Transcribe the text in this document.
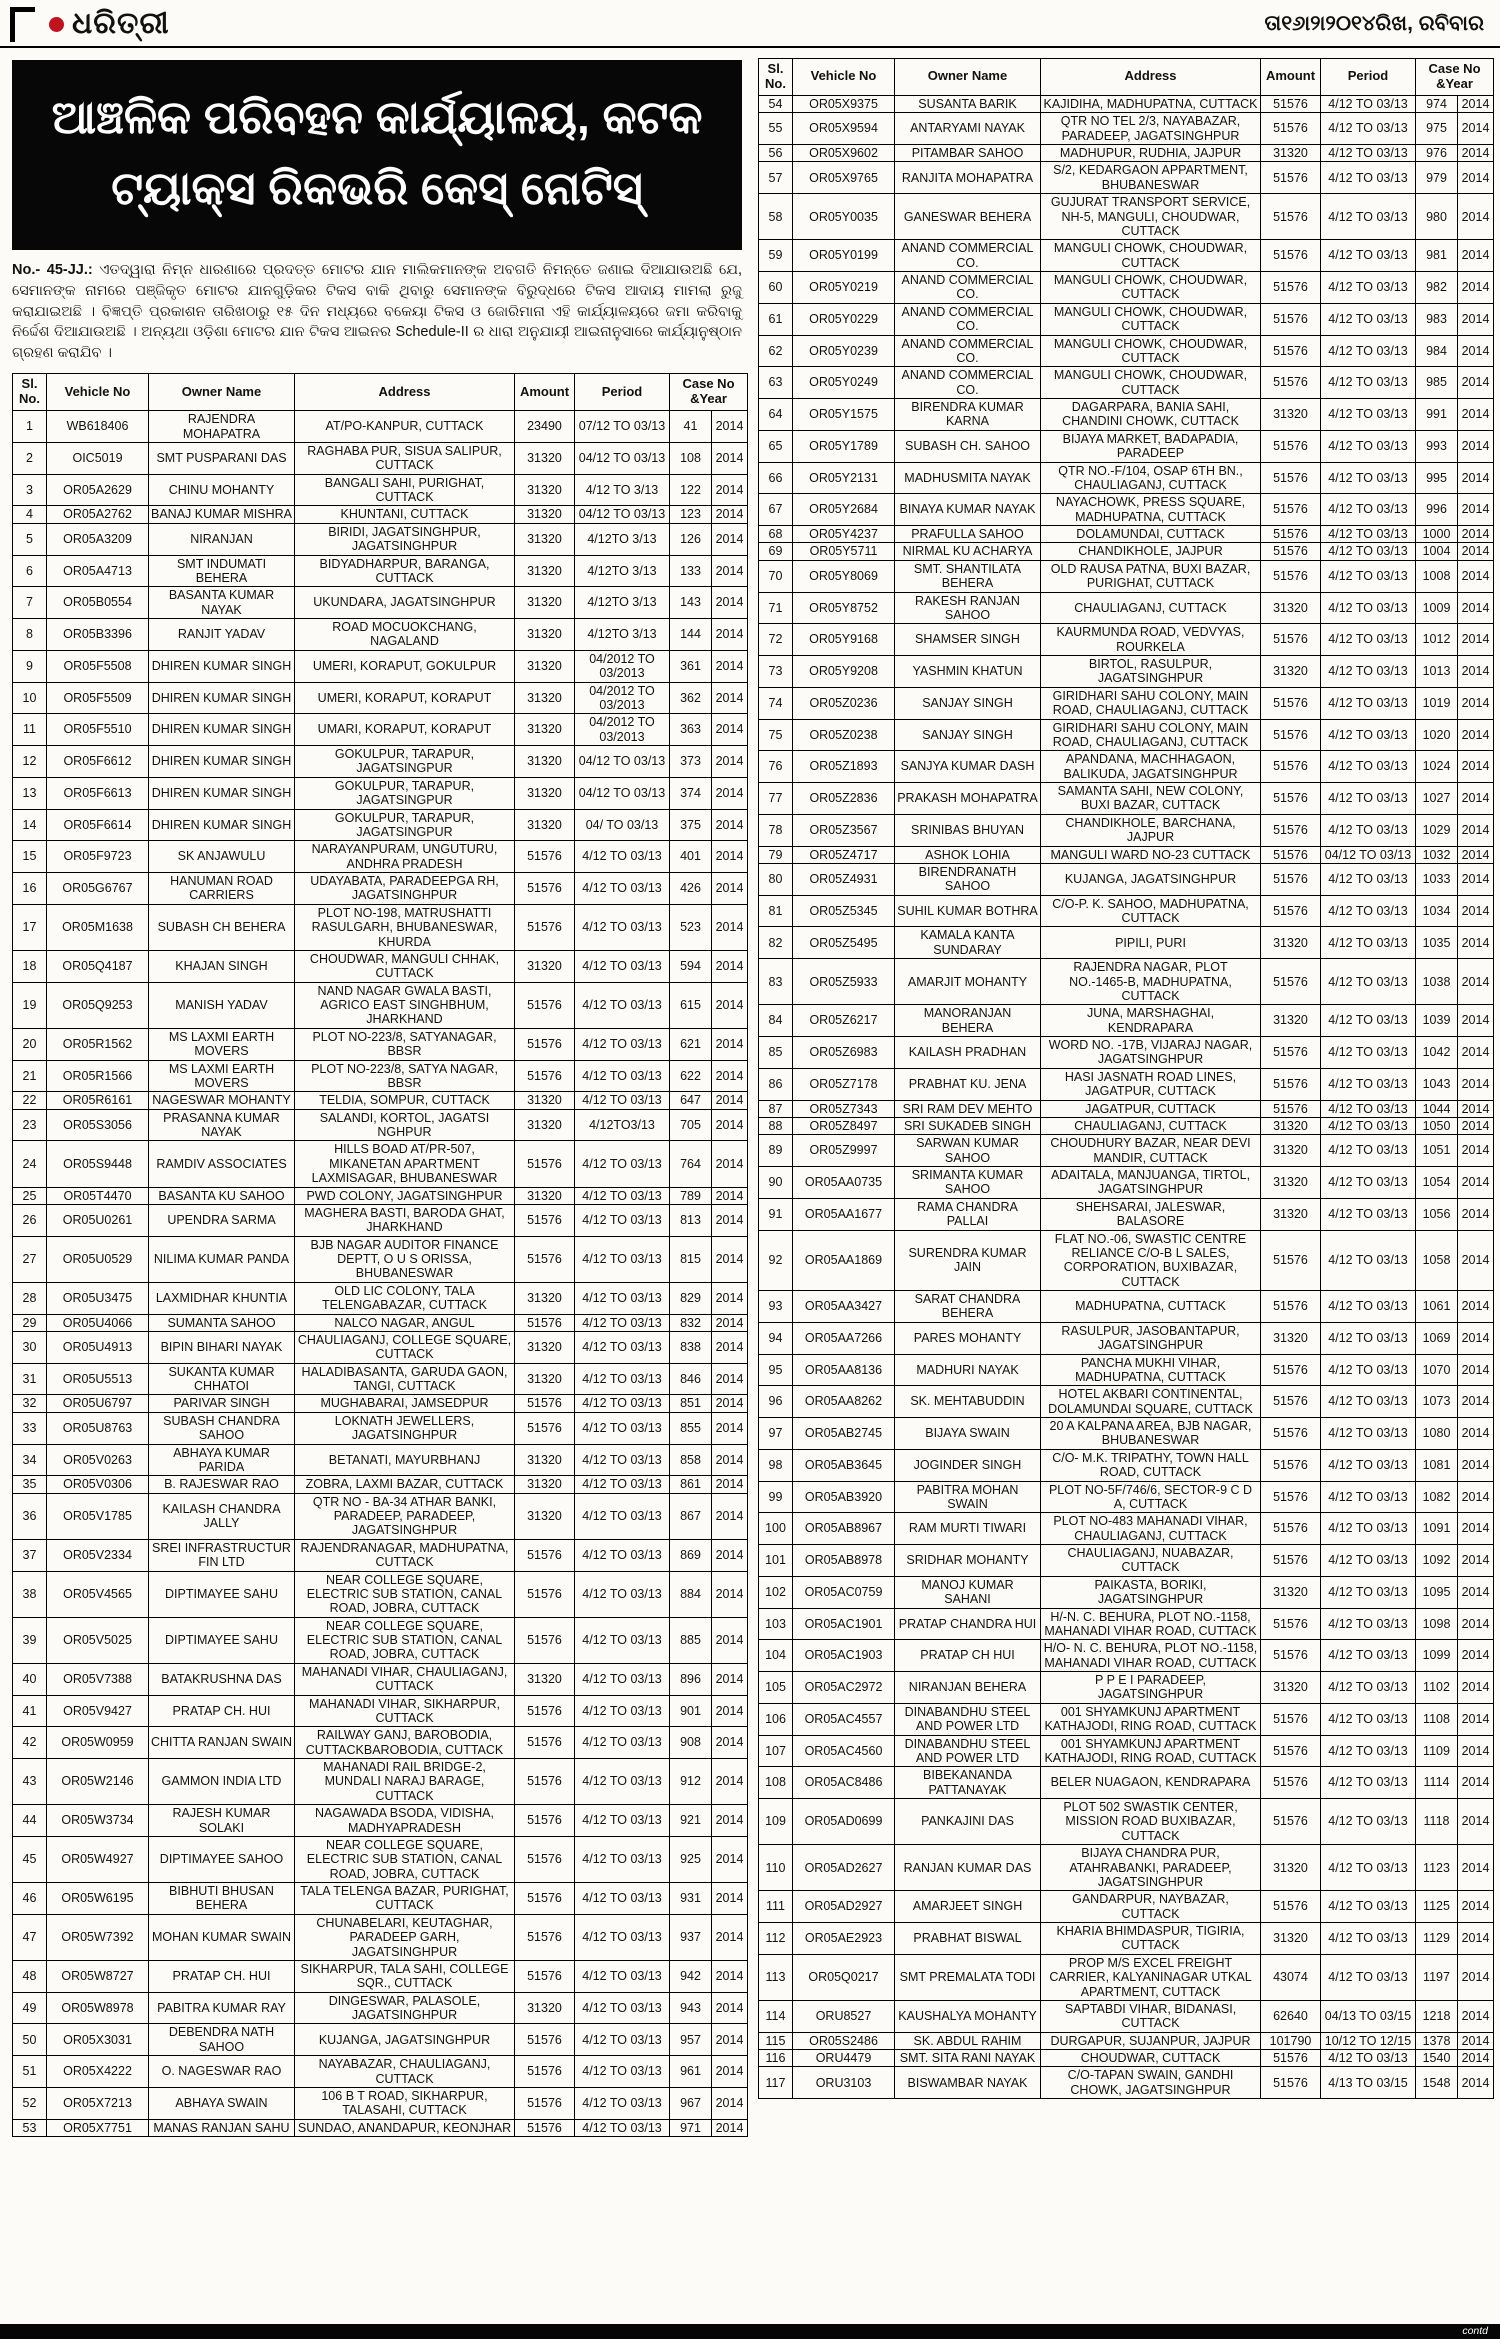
ଧରିତ୍ରୀ	ତା୧୬ା୨ା୨୦୧୪ରିଖ, ରବିବାର
ଆଞ୍ଚଳିକ ପରିବହନ କାର୍ଯ୍ୟାଳୟ, କଟକ
ଟ୍ୟାକ୍ସ ରିକଭରି କେସ୍ ନୋଟିସ୍

No.- 45-JJ.: ଏତଦ୍ୱାରା ନିମ୍ନ ଧାରଣାରେ ପ୍ରଦତ୍ତ ମୋଟର ଯାନ ମାଲିକମାନଙ୍କ ଅବଗତି ନିମନ୍ତେ ଜଣାଇ ଦିଆଯାଉଅଛି ଯେ, ସେମାନଙ୍କ ନାମରେ ପଞ୍ଜିକୃତ ମୋଟର ଯାନଗୁଡ଼ିକର ଟିକସ ବାକି ଥିବାରୁ ସେମାନଙ୍କ ବିରୁଦ୍ଧରେ ଟିକସ ଆଦାୟ ମାମଲା ରୁଜୁ କରାଯାଇଅଛି । ବିଜ୍ଞପ୍ତି ପ୍ରକାଶନ ତାରିଖଠାରୁ ୧୫ ଦିନ ମଧ୍ୟରେ ବକେୟା ଟିକସ ଓ ଜୋରିମାନା ଏହି କାର୍ଯ୍ୟାଳୟରେ ଜମା କରିବାକୁ ନିର୍ଦ୍ଦେଶ ଦିଆଯାଉଅଛି । ଅନ୍ୟଥା ଓଡ଼ିଶା ମୋଟର ଯାନ ଟିକସ ଆଇନର Schedule-II ର ଧାରା ଅନୁଯାୟୀ ଆଇନାନୁସାରେ କାର୍ଯ୍ୟାନୁଷ୍ଠାନ ଗ୍ରହଣ କରାଯିବ ।

Sl. No.	Vehicle No	Owner Name	Address	Amount	Period	Case No &Year	
1	WB618406	RAJENDRA MOHAPATRA	AT/PO-KANPUR, CUTTACK	23490	07/12 TO 03/13	41	2014
2	OIC5019	SMT PUSPARANI DAS	RAGHABA PUR, SISUA SALIPUR, CUTTACK	31320	04/12 TO 03/13	108	2014
3	OR05A2629	CHINU MOHANTY	BANGALI SAHI, PURIGHAT, CUTTACK	31320	4/12 TO 3/13	122	2014
4	OR05A2762	BANAJ KUMAR MISHRA	KHUNTANI, CUTTACK	31320	04/12 TO 03/13	123	2014
5	OR05A3209	NIRANJAN	BIRIDI, JAGATSINGHPUR, JAGATSINGHPUR	31320	4/12TO 3/13	126	2014
6	OR05A4713	SMT INDUMATI BEHERA	BIDYADHARPUR, BARANGA, CUTTACK	31320	4/12TO 3/13	133	2014
7	OR05B0554	BASANTA KUMAR NAYAK	UKUNDARA, JAGATSINGHPUR	31320	4/12TO 3/13	143	2014
8	OR05B3396	RANJIT YADAV	ROAD MOCUOKCHANG, NAGALAND	31320	4/12TO 3/13	144	2014
9	OR05F5508	DHIREN KUMAR SINGH	UMERI, KORAPUT, GOKULPUR	31320	04/2012 TO 03/2013	361	2014
10	OR05F5509	DHIREN KUMAR SINGH	UMERI, KORAPUT, KORAPUT	31320	04/2012 TO 03/2013	362	2014
11	OR05F5510	DHIREN KUMAR SINGH	UMARI, KORAPUT, KORAPUT	31320	04/2012 TO 03/2013	363	2014
12	OR05F6612	DHIREN KUMAR SINGH	GOKULPUR, TARAPUR, JAGATSINGPUR	31320	04/12 TO 03/13	373	2014
13	OR05F6613	DHIREN KUMAR SINGH	GOKULPUR, TARAPUR, JAGATSINGPUR	31320	04/12 TO 03/13	374	2014
14	OR05F6614	DHIREN KUMAR SINGH	GOKULPUR, TARAPUR, JAGATSINGPUR	31320	04/ TO 03/13	375	2014
15	OR05F9723	SK ANJAWULU	NARAYANPURAM, UNGUTURU, ANDHRA PRADESH	51576	4/12 TO 03/13	401	2014
16	OR05G6767	HANUMAN ROAD CARRIERS	UDAYABATA, PARADEEPGA RH, JAGATSINGHPUR	51576	4/12 TO 03/13	426	2014
17	OR05M1638	SUBASH CH BEHERA	PLOT NO-198, MATRUSHATTI RASULGARH, BHUBANESWAR, KHURDA	51576	4/12 TO 03/13	523	2014
18	OR05Q4187	KHAJAN SINGH	CHOUDWAR, MANGULI CHHAK, CUTTACK	31320	4/12 TO 03/13	594	2014
19	OR05Q9253	MANISH YADAV	NAND NAGAR GWALA BASTI, AGRICO EAST SINGHBHUM, JHARKHAND	51576	4/12 TO 03/13	615	2014
20	OR05R1562	MS LAXMI EARTH MOVERS	PLOT NO-223/8, SATYANAGAR, BBSR	51576	4/12 TO 03/13	621	2014
21	OR05R1566	MS LAXMI EARTH MOVERS	PLOT NO-223/8, SATYA NAGAR, BBSR	51576	4/12 TO 03/13	622	2014
22	OR05R6161	NAGESWAR MOHANTY	TELDIA, SOMPUR, CUTTACK	31320	4/12 TO 03/13	647	2014
23	OR05S3056	PRASANNA KUMAR NAYAK	SALANDI, KORTOL, JAGATSI NGHPUR	31320	4/12TO3/13	705	2014
24	OR05S9448	RAMDIV ASSOCIATES	HILLS BOAD AT/PR-507, MIKANETAN APARTMENT LAXMISAGAR, BHUBANESWAR	51576	4/12 TO 03/13	764	2014
25	OR05T4470	BASANTA KU SAHOO	PWD COLONY, JAGATSINGHPUR	31320	4/12 TO 03/13	789	2014
26	OR05U0261	UPENDRA SARMA	MAGHERA BASTI, BARODA GHAT, JHARKHAND	51576	4/12 TO 03/13	813	2014
27	OR05U0529	NILIMA KUMAR PANDA	BJB NAGAR AUDITOR FINANCE DEPTT, O U S ORISSA, BHUBANESWAR	51576	4/12 TO 03/13	815	2014
28	OR05U3475	LAXMIDHAR KHUNTIA	OLD LIC COLONY, TALA TELENGABAZAR, CUTTACK	31320	4/12 TO 03/13	829	2014
29	OR05U4066	SUMANTA SAHOO	NALCO NAGAR, ANGUL	51576	4/12 TO 03/13	832	2014
30	OR05U4913	BIPIN BIHARI NAYAK	CHAULIAGANJ, COLLEGE SQUARE, CUTTACK	31320	4/12 TO 03/13	838	2014
31	OR05U5513	SUKANTA KUMAR CHHATOI	HALADIBASANTA, GARUDA GAON, TANGI, CUTTACK	31320	4/12 TO 03/13	846	2014
32	OR05U6797	PARIVAR SINGH	MUGHABARAI, JAMSEDPUR	51576	4/12 TO 03/13	851	2014
33	OR05U8763	SUBASH CHANDRA SAHOO	LOKNATH JEWELLERS, JAGATSINGHPUR	51576	4/12 TO 03/13	855	2014
34	OR05V0263	ABHAYA KUMAR PARIDA	BETANATI, MAYURBHANJ	31320	4/12 TO 03/13	858	2014
35	OR05V0306	B. RAJESWAR RAO	ZOBRA, LAXMI BAZAR, CUTTACK	31320	4/12 TO 03/13	861	2014
36	OR05V1785	KAILASH CHANDRA JALLY	QTR NO - BA-34 ATHAR BANKI, PARADEEP, PARADEEP, JAGATSINGHPUR	31320	4/12 TO 03/13	867	2014
37	OR05V2334	SREI INFRASTRUCTUR FIN LTD	RAJENDRANAGAR, MADHUPATNA, CUTTACK	51576	4/12 TO 03/13	869	2014
38	OR05V4565	DIPTIMAYEE SAHU	NEAR COLLEGE SQUARE, ELECTRIC SUB STATION, CANAL ROAD, JOBRA, CUTTACK	51576	4/12 TO 03/13	884	2014
39	OR05V5025	DIPTIMAYEE SAHU	NEAR COLLEGE SQUARE, ELECTRIC SUB STATION, CANAL ROAD, JOBRA, CUTTACK	51576	4/12 TO 03/13	885	2014
40	OR05V7388	BATAKRUSHNA DAS	MAHANADI VIHAR, CHAULIAGANJ, CUTTACK	31320	4/12 TO 03/13	896	2014
41	OR05V9427	PRATAP CH. HUI	MAHANADI VIHAR, SIKHARPUR, CUTTACK	51576	4/12 TO 03/13	901	2014
42	OR05W0959	CHITTA RANJAN SWAIN	RAILWAY GANJ, BAROBODIA, CUTTACKBAROBODIA, CUTTACK	51576	4/12 TO 03/13	908	2014
43	OR05W2146	GAMMON INDIA LTD	MAHANADI RAIL BRIDGE-2, MUNDALI NARAJ BARAGE, CUTTACK	51576	4/12 TO 03/13	912	2014
44	OR05W3734	RAJESH KUMAR SOLAKI	NAGAWADA BSODA, VIDISHA, MADHYAPRADESH	51576	4/12 TO 03/13	921	2014
45	OR05W4927	DIPTIMAYEE SAHOO	NEAR COLLEGE SQUARE, ELECTRIC SUB STATION, CANAL ROAD, JOBRA, CUTTACK	51576	4/12 TO 03/13	925	2014
46	OR05W6195	BIBHUTI BHUSAN BEHERA	TALA TELENGA BAZAR, PURIGHAT, CUTTACK	51576	4/12 TO 03/13	931	2014
47	OR05W7392	MOHAN KUMAR SWAIN	CHUNABELARI, KEUTAGHAR, PARADEEP GARH, JAGATSINGHPUR	51576	4/12 TO 03/13	937	2014
48	OR05W8727	PRATAP CH. HUI	SIKHARPUR, TALA SAHI, COLLEGE SQR., CUTTACK	51576	4/12 TO 03/13	942	2014
49	OR05W8978	PABITRA KUMAR RAY	DINGESWAR, PALASOLE, JAGATSINGHPUR	31320	4/12 TO 03/13	943	2014
50	OR05X3031	DEBENDRA NATH SAHOO	KUJANGA, JAGATSINGHPUR	51576	4/12 TO 03/13	957	2014
51	OR05X4222	O. NAGESWAR RAO	NAYABAZAR, CHAULIAGANJ, CUTTACK	51576	4/12 TO 03/13	961	2014
52	OR05X7213	ABHAYA SWAIN	106 B T ROAD, SIKHARPUR, TALASAHI, CUTTACK	51576	4/12 TO 03/13	967	2014
53	OR05X7751	MANAS RANJAN SAHU	SUNDAO, ANANDAPUR, KEONJHAR	51576	4/12 TO 03/13	971	2014
Sl. No.	Vehicle No	Owner Name	Address	Amount	Period	Case No &Year	
54	OR05X9375	SUSANTA BARIK	KAJIDIHA, MADHUPATNA, CUTTACK	51576	4/12 TO 03/13	974	2014
55	OR05X9594	ANTARYAMI NAYAK	QTR NO TEL 2/3, NAYABAZAR, PARADEEP, JAGATSINGHPUR	51576	4/12 TO 03/13	975	2014
56	OR05X9602	PITAMBAR SAHOO	MADHUPUR, RUDHIA, JAJPUR	31320	4/12 TO 03/13	976	2014
57	OR05X9765	RANJITA MOHAPATRA	S/2, KEDARGAON APPARTMENT, BHUBANESWAR	51576	4/12 TO 03/13	979	2014
58	OR05Y0035	GANESWAR BEHERA	GUJURAT TRANSPORT SERVICE, NH-5, MANGULI, CHOUDWAR, CUTTACK	51576	4/12 TO 03/13	980	2014
59	OR05Y0199	ANAND COMMERCIAL CO.	MANGULI CHOWK, CHOUDWAR, CUTTACK	51576	4/12 TO 03/13	981	2014
60	OR05Y0219	ANAND COMMERCIAL CO.	MANGULI CHOWK, CHOUDWAR, CUTTACK	51576	4/12 TO 03/13	982	2014
61	OR05Y0229	ANAND COMMERCIAL CO.	MANGULI CHOWK, CHOUDWAR, CUTTACK	51576	4/12 TO 03/13	983	2014
62	OR05Y0239	ANAND COMMERCIAL CO.	MANGULI CHOWK, CHOUDWAR, CUTTACK	51576	4/12 TO 03/13	984	2014
63	OR05Y0249	ANAND COMMERCIAL CO.	MANGULI CHOWK, CHOUDWAR, CUTTACK	51576	4/12 TO 03/13	985	2014
64	OR05Y1575	BIRENDRA KUMAR KARNA	DAGARPARA, BANIA SAHI, CHANDINI CHOWK, CUTTACK	31320	4/12 TO 03/13	991	2014
65	OR05Y1789	SUBASH CH. SAHOO	BIJAYA MARKET, BADAPADIA, PARADEEP	51576	4/12 TO 03/13	993	2014
66	OR05Y2131	MADHUSMITA NAYAK	QTR NO.-F/104, OSAP 6TH BN., CHAULIAGANJ, CUTTACK	51576	4/12 TO 03/13	995	2014
67	OR05Y2684	BINAYA KUMAR NAYAK	NAYACHOWK, PRESS SQUARE, MADHUPATNA, CUTTACK	51576	4/12 TO 03/13	996	2014
68	OR05Y4237	PRAFULLA SAHOO	DOLAMUNDAI, CUTTACK	51576	4/12 TO 03/13	1000	2014
69	OR05Y5711	NIRMAL KU ACHARYA	CHANDIKHOLE, JAJPUR	51576	4/12 TO 03/13	1004	2014
70	OR05Y8069	SMT. SHANTILATA BEHERA	OLD RAUSA PATNA, BUXI BAZAR, PURIGHAT, CUTTACK	51576	4/12 TO 03/13	1008	2014
71	OR05Y8752	RAKESH RANJAN SAHOO	CHAULIAGANJ, CUTTACK	31320	4/12 TO 03/13	1009	2014
72	OR05Y9168	SHAMSER SINGH	KAURMUNDA ROAD, VEDVYAS, ROURKELA	51576	4/12 TO 03/13	1012	2014
73	OR05Y9208	YASHMIN KHATUN	BIRTOL, RASULPUR, JAGATSINGHPUR	31320	4/12 TO 03/13	1013	2014
74	OR05Z0236	SANJAY SINGH	GIRIDHARI SAHU COLONY, MAIN ROAD, CHAULIAGANJ, CUTTACK	51576	4/12 TO 03/13	1019	2014
75	OR05Z0238	SANJAY SINGH	GIRIDHARI SAHU COLONY, MAIN ROAD, CHAULIAGANJ, CUTTACK	51576	4/12 TO 03/13	1020	2014
76	OR05Z1893	SANJYA KUMAR DASH	APANDANA, MACHHAGAON, BALIKUDA, JAGATSINGHPUR	51576	4/12 TO 03/13	1024	2014
77	OR05Z2836	PRAKASH MOHAPATRA	SAMANTA SAHI, NEW COLONY, BUXI BAZAR, CUTTACK	51576	4/12 TO 03/13	1027	2014
78	OR05Z3567	SRINIBAS BHUYAN	CHANDIKHOLE, BARCHANA, JAJPUR	51576	4/12 TO 03/13	1029	2014
79	OR05Z4717	ASHOK LOHIA	MANGULI WARD NO-23 CUTTACK	51576	04/12 TO 03/13	1032	2014
80	OR05Z4931	BIRENDRANATH SAHOO	KUJANGA, JAGATSINGHPUR	51576	4/12 TO 03/13	1033	2014
81	OR05Z5345	SUHIL KUMAR BOTHRA	C/O-P. K. SAHOO, MADHUPATNA, CUTTACK	51576	4/12 TO 03/13	1034	2014
82	OR05Z5495	KAMALA KANTA SUNDARAY	PIPILI, PURI	31320	4/12 TO 03/13	1035	2014
83	OR05Z5933	AMARJIT MOHANTY	RAJENDRA NAGAR, PLOT NO.-1465-B, MADHUPATNA, CUTTACK	51576	4/12 TO 03/13	1038	2014
84	OR05Z6217	MANORANJAN BEHERA	JUNA, MARSHAGHAI, KENDRAPARA	31320	4/12 TO 03/13	1039	2014
85	OR05Z6983	KAILASH PRADHAN	WORD NO. -17B, VIJARAJ NAGAR, JAGATSINGHPUR	51576	4/12 TO 03/13	1042	2014
86	OR05Z7178	PRABHAT KU. JENA	HASI JASNATH ROAD LINES, JAGATPUR, CUTTACK	51576	4/12 TO 03/13	1043	2014
87	OR05Z7343	SRI RAM DEV MEHTO	JAGATPUR, CUTTACK	51576	4/12 TO 03/13	1044	2014
88	OR05Z8497	SRI SUKADEB SINGH	CHAULIAGANJ, CUTTACK	31320	4/12 TO 03/13	1050	2014
89	OR05Z9997	SARWAN KUMAR SAHOO	CHOUDHURY BAZAR, NEAR DEVI MANDIR, CUTTACK	31320	4/12 TO 03/13	1051	2014
90	OR05AA0735	SRIMANTA KUMAR SAHOO	ADAITALA, MANJUANGA, TIRTOL, JAGATSINGHPUR	31320	4/12 TO 03/13	1054	2014
91	OR05AA1677	RAMA CHANDRA PALLAI	SHEHSARAI, JALESWAR, BALASORE	31320	4/12 TO 03/13	1056	2014
92	OR05AA1869	SURENDRA KUMAR JAIN	FLAT NO.-06, SWASTIC CENTRE RELIANCE C/O-B L SALES, CORPORATION, BUXIBAZAR, CUTTACK	51576	4/12 TO 03/13	1058	2014
93	OR05AA3427	SARAT CHANDRA BEHERA	MADHUPATNA, CUTTACK	51576	4/12 TO 03/13	1061	2014
94	OR05AA7266	PARES MOHANTY	RASULPUR, JASOBANTAPUR, JAGATSINGHPUR	31320	4/12 TO 03/13	1069	2014
95	OR05AA8136	MADHURI NAYAK	PANCHA MUKHI VIHAR, MADHUPATNA, CUTTACK	51576	4/12 TO 03/13	1070	2014
96	OR05AA8262	SK. MEHTABUDDIN	HOTEL AKBARI CONTINENTAL, DOLAMUNDAI SQUARE, CUTTACK	51576	4/12 TO 03/13	1073	2014
97	OR05AB2745	BIJAYA SWAIN	20 A KALPANA AREA, BJB NAGAR, BHUBANESWAR	51576	4/12 TO 03/13	1080	2014
98	OR05AB3645	JOGINDER SINGH	C/O- M.K. TRIPATHY, TOWN HALL ROAD, CUTTACK	51576	4/12 TO 03/13	1081	2014
99	OR05AB3920	PABITRA MOHAN SWAIN	PLOT NO-5F/746/6, SECTOR-9 C D A, CUTTACK	51576	4/12 TO 03/13	1082	2014
100	OR05AB8967	RAM MURTI TIWARI	PLOT NO-483 MAHANADI VIHAR, CHAULIAGANJ, CUTTACK	51576	4/12 TO 03/13	1091	2014
101	OR05AB8978	SRIDHAR MOHANTY	CHAULIAGANJ, NUABAZAR, CUTTACK	51576	4/12 TO 03/13	1092	2014
102	OR05AC0759	MANOJ KUMAR SAHANI	PAIKASTA, BORIKI, JAGATSINGHPUR	31320	4/12 TO 03/13	1095	2014
103	OR05AC1901	PRATAP CHANDRA HUI	H/-N. C. BEHURA, PLOT NO.-1158, MAHANADI VIHAR ROAD, CUTTACK	51576	4/12 TO 03/13	1098	2014
104	OR05AC1903	PRATAP CH HUI	H/O- N. C. BEHURA, PLOT NO.-1158, MAHANADI VIHAR ROAD, CUTTACK	51576	4/12 TO 03/13	1099	2014
105	OR05AC2972	NIRANJAN BEHERA	P P E I PARADEEP, JAGATSINGHPUR	31320	4/12 TO 03/13	1102	2014
106	OR05AC4557	DINABANDHU STEEL AND POWER LTD	001 SHYAMKUNJ APARTMENT KATHAJODI, RING ROAD, CUTTACK	51576	4/12 TO 03/13	1108	2014
107	OR05AC4560	DINABANDHU STEEL AND POWER LTD	001 SHYAMKUNJ APARTMENT KATHAJODI, RING ROAD, CUTTACK	51576	4/12 TO 03/13	1109	2014
108	OR05AC8486	BIBEKANANDA PATTANAYAK	BELER NUAGAON, KENDRAPARA	51576	4/12 TO 03/13	1114	2014
109	OR05AD0699	PANKAJINI DAS	PLOT 502 SWASTIK CENTER, MISSION ROAD BUXIBAZAR, CUTTACK	51576	4/12 TO 03/13	1118	2014
110	OR05AD2627	RANJAN KUMAR DAS	BIJAYA CHANDRA PUR, ATAHRABANKI, PARADEEP, JAGATSINGHPUR	31320	4/12 TO 03/13	1123	2014
111	OR05AD2927	AMARJEET SINGH	GANDARPUR, NAYBAZAR, CUTTACK	51576	4/12 TO 03/13	1125	2014
112	OR05AE2923	PRABHAT BISWAL	KHARIA BHIMDASPUR, TIGIRIA, CUTTACK	31320	4/12 TO 03/13	1129	2014
113	OR05Q0217	SMT PREMALATA TODI	PROP M/S EXCEL FREIGHT CARRIER, KALYANINAGAR UTKAL APARTMENT, CUTTACK	43074	4/12 TO 03/13	1197	2014
114	ORU8527	KAUSHALYA MOHANTY	SAPTABDI VIHAR, BIDANASI, CUTTACK	62640	04/13 TO 03/15	1218	2014
115	OR05S2486	SK. ABDUL RAHIM	DURGAPUR, SUJANPUR, JAJPUR	101790	10/12 TO 12/15	1378	2014
116	ORU4479	SMT. SITA RANI NAYAK	CHOUDWAR, CUTTACK	51576	4/12 TO 03/13	1540	2014
117	ORU3103	BISWAMBAR NAYAK	C/O-TAPAN SWAIN, GANDHI CHOWK, JAGATSINGHPUR	51576	4/13 TO 03/15	1548	2014
contd
